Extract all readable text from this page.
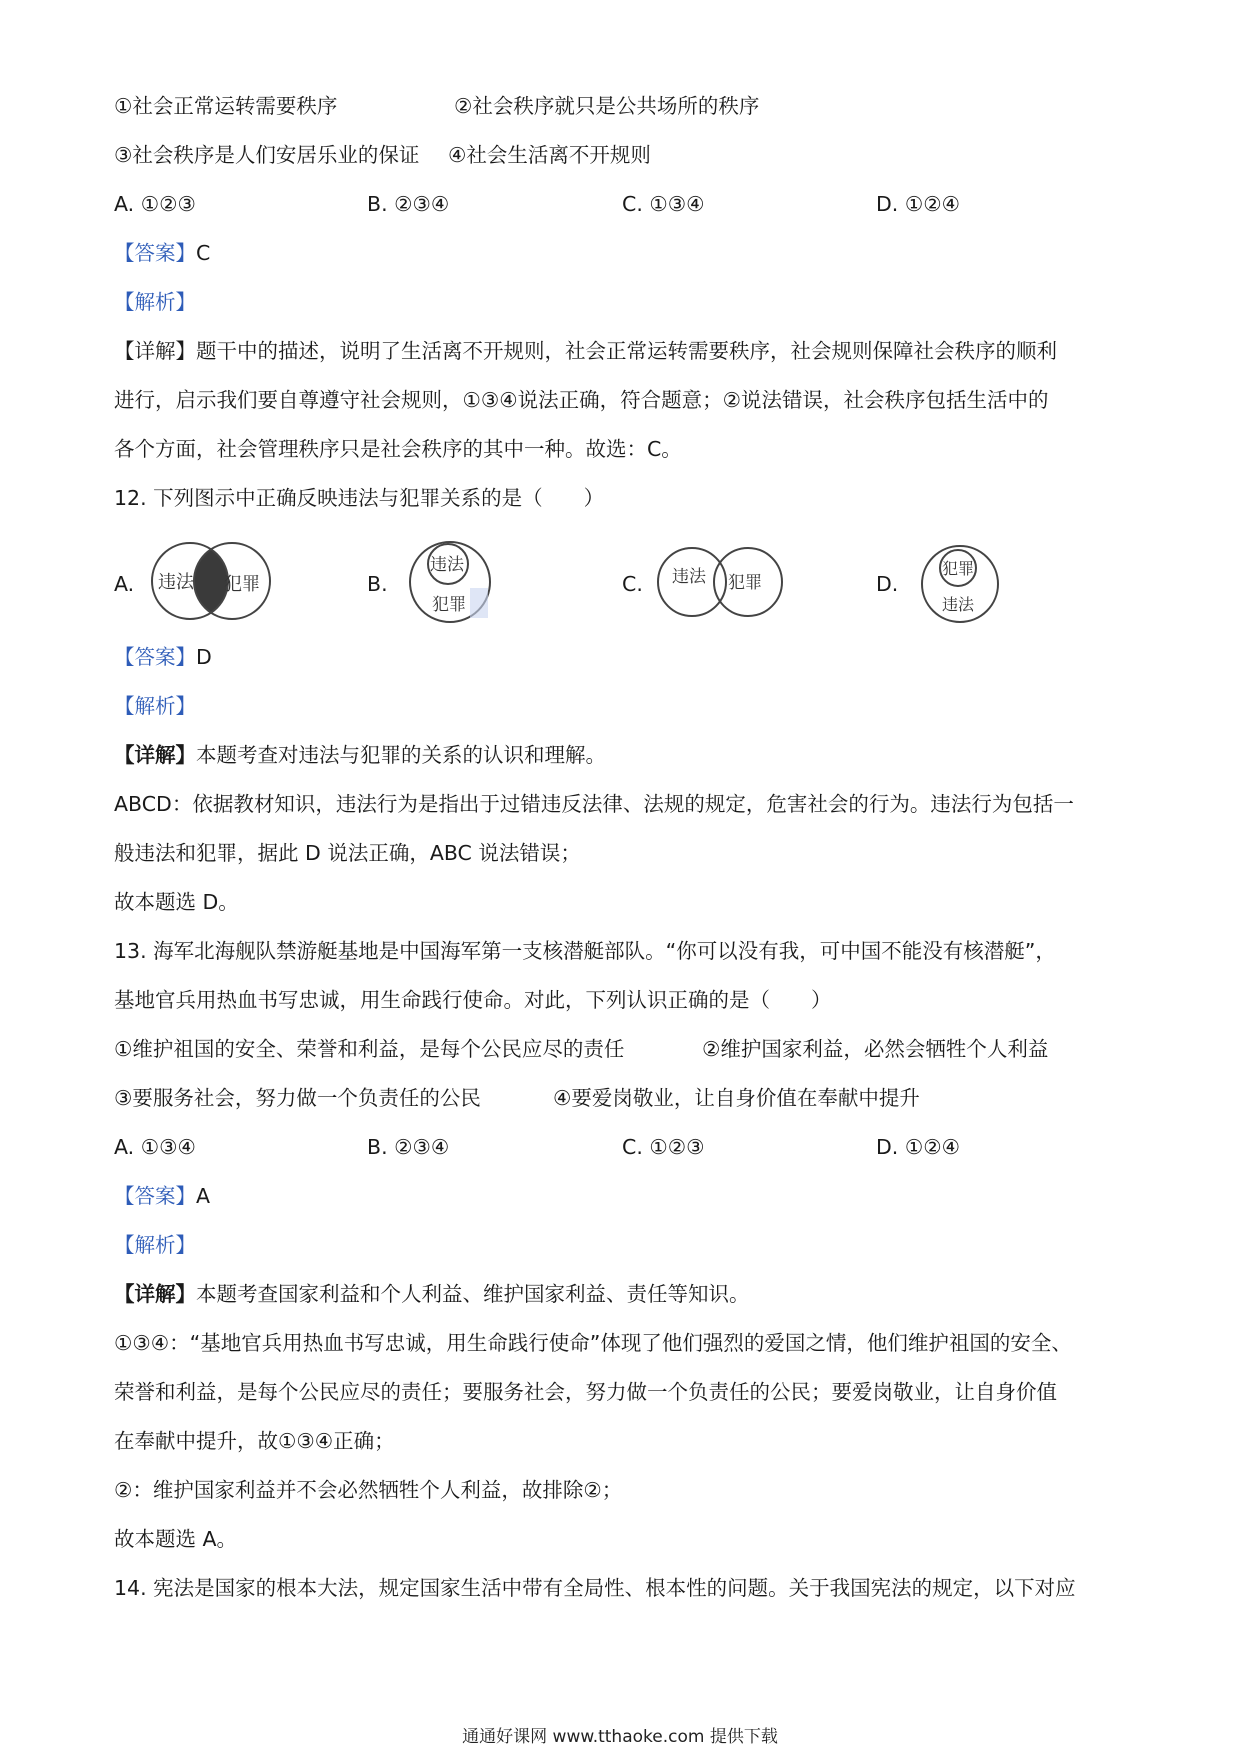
①社会正常运转需要秩序	②社会秩序就只是公共场所的秩序
③社会秩序是人们安居乐业的保证 ④社会生活离不开规则
A. ①②③	B. ②③④	C. ①③④	D. ①②④
【答案】C
【解析】
【详解】题干中的描述，说明了生活离不开规则，社会正常运转需要秩序，社会规则保障社会秩序的顺利
进行，启示我们要自尊遵守社会规则，①③④说法正确，符合题意；②说法错误，社会秩序包括生活中的
各个方面，社会管理秩序只是社会秩序的其中一种。故选：C。
12. 下列图示中正确反映违法与犯罪关系的是（　　）
A. 违法 犯罪	B.
违法
犯罪
C. 违法 犯罪	D.
犯罪
违法
【答案】D
【解析】
【详解】本题考查对违法与犯罪的关系的认识和理解。
ABCD：依据教材知识，违法行为是指出于过错违反法律、法规的规定，危害社会的行为。违法行为包括一
般违法和犯罪，据此 D 说法正确，ABC 说法错误；
故本题选 D。
13. 海军北海舰队禁游艇基地是中国海军第一支核潜艇部队。“你可以没有我，可中国不能没有核潜艇”，
基地官兵用热血书写忠诚，用生命践行使命。对此，下列认识正确的是（　　）
①维护祖国的安全、荣誉和利益，是每个公民应尽的责任	②维护国家利益，必然会牺牲个人利益
③要服务社会，努力做一个负责任的公民	④要爱岗敬业，让自身价值在奉献中提升
A. ①③④	B. ②③④	C. ①②③	D. ①②④
【答案】A
【解析】
【详解】本题考查国家利益和个人利益、维护国家利益、责任等知识。
①③④：“基地官兵用热血书写忠诚，用生命践行使命”体现了他们强烈的爱国之情，他们维护祖国的安全、
荣誉和利益，是每个公民应尽的责任；要服务社会，努力做一个负责任的公民；要爱岗敬业，让自身价值
在奉献中提升，故①③④正确；
②：维护国家利益并不会必然牺牲个人利益，故排除②；
故本题选 A。
14. 宪法是国家的根本大法，规定国家生活中带有全局性、根本性的问题。关于我国宪法的规定，以下对应
通通好课网 www.tthaoke.com 提供下载
